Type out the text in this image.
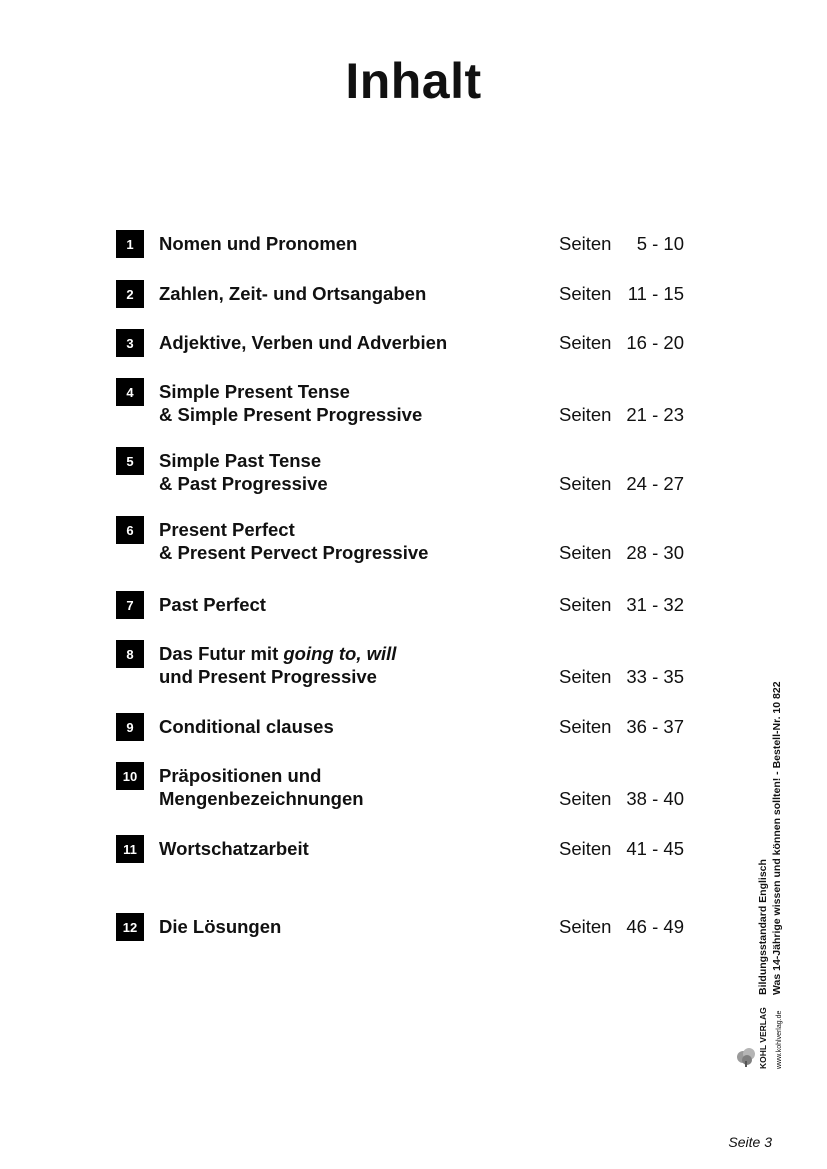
Inhalt
1	Nomen und Pronomen	Seiten 5 - 10
2	Zahlen, Zeit- und Ortsangaben	Seiten 11 - 15
3	Adjektive, Verben und Adverbien	Seiten 16 - 20
4	Simple Present Tense
& Simple Present Progressive	Seiten 21 - 23
5	Simple Past Tense
& Past Progressive	Seiten 24 - 27
6	Present Perfect
& Present Pervect Progressive	Seiten 28 - 30
7	Past Perfect	Seiten 31 - 32
8	Das Futur mit going to, will
und Present Progressive	Seiten 33 - 35
9	Conditional clauses	Seiten 36 - 37
10	Präpositionen und
Mengenbezeichnungen	Seiten 38 - 40
11	Wortschatzarbeit	Seiten 41 - 45
12	Die Lösungen	Seiten 46 - 49	Bildungsstandard Englisch Was 14-Jährige wissen und können sollten! - Bestell-Nr. 10 822
KOHL VERLAG	www.kohlverlag.de
Seite 3
